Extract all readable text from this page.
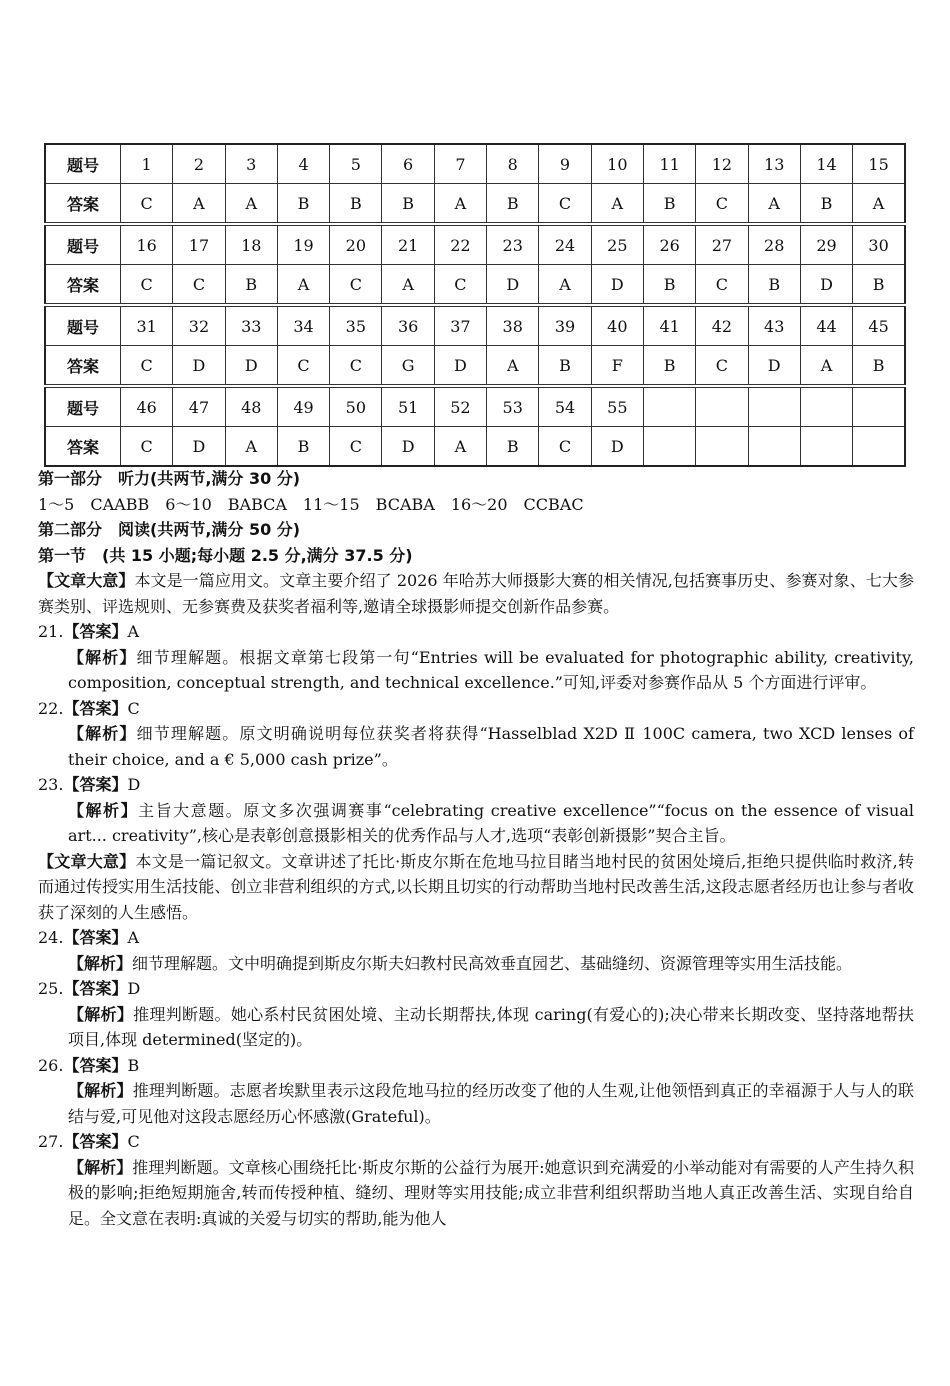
题号	1	2	3	4	5	6	7	8	9	10	11	12	13	14	15
答案	C	A	A	B	B	B	A	B	C	A	B	C	A	B	A
题号	16	17	18	19	20	21	22	23	24	25	26	27	28	29	30
答案	C	C	B	A	C	A	C	D	A	D	B	C	B	D	B
题号	31	32	33	34	35	36	37	38	39	40	41	42	43	44	45
答案	C	D	D	C	C	G	D	A	B	F	B	C	D	A	B
题号	46	47	48	49	50	51	52	53	54	55					
答案	C	D	A	B	C	D	A	B	C	D					

第一部分　听力(共两节,满分 30 分)

1～5　CAABB　6～10　BABCA　11～15　BCABA　16～20　CCBAC

第二部分　阅读(共两节,满分 50 分)

第一节　(共 15 小题;每小题 2.5 分,满分 37.5 分)

【文章大意】本文是一篇应用文。文章主要介绍了 2026 年哈苏大师摄影大赛的相关情况,包括赛事历史、参赛对象、七大参赛类别、评选规则、无参赛费及获奖者福利等,邀请全球摄影师提交创新作品参赛。

21.【答案】A

【解析】细节理解题。根据文章第七段第一句“Entries will be evaluated for photographic ability, creativity, composition, conceptual strength, and technical excellence.”可知,评委对参赛作品从 5 个方面进行评审。

22.【答案】C

【解析】细节理解题。原文明确说明每位获奖者将获得“Hasselblad X2D Ⅱ 100C camera, two XCD lenses of their choice, and a € 5,000 cash prize”。

23.【答案】D

【解析】主旨大意题。原文多次强调赛事“celebrating creative excellence”“focus on the essence of visual art... creativity”,核心是表彰创意摄影相关的优秀作品与人才,选项“表彰创新摄影”契合主旨。

【文章大意】本文是一篇记叙文。文章讲述了托比·斯皮尔斯在危地马拉目睹当地村民的贫困处境后,拒绝只提供临时救济,转而通过传授实用生活技能、创立非营利组织的方式,以长期且切实的行动帮助当地村民改善生活,这段志愿者经历也让参与者收获了深刻的人生感悟。

24.【答案】A

【解析】细节理解题。文中明确提到斯皮尔斯夫妇教村民高效垂直园艺、基础缝纫、资源管理等实用生活技能。

25.【答案】D

【解析】推理判断题。她心系村民贫困处境、主动长期帮扶,体现 caring(有爱心的);决心带来长期改变、坚持落地帮扶项目,体现 determined(坚定的)。

26.【答案】B

【解析】推理判断题。志愿者埃默里表示这段危地马拉的经历改变了他的人生观,让他领悟到真正的幸福源于人与人的联结与爱,可见他对这段志愿经历心怀感激(Grateful)。

27.【答案】C

【解析】推理判断题。文章核心围绕托比·斯皮尔斯的公益行为展开:她意识到充满爱的小举动能对有需要的人产生持久积极的影响;拒绝短期施舍,转而传授种植、缝纫、理财等实用技能;成立非营利组织帮助当地人真正改善生活、实现自给自足。全文意在表明:真诚的关爱与切实的帮助,能为他人
